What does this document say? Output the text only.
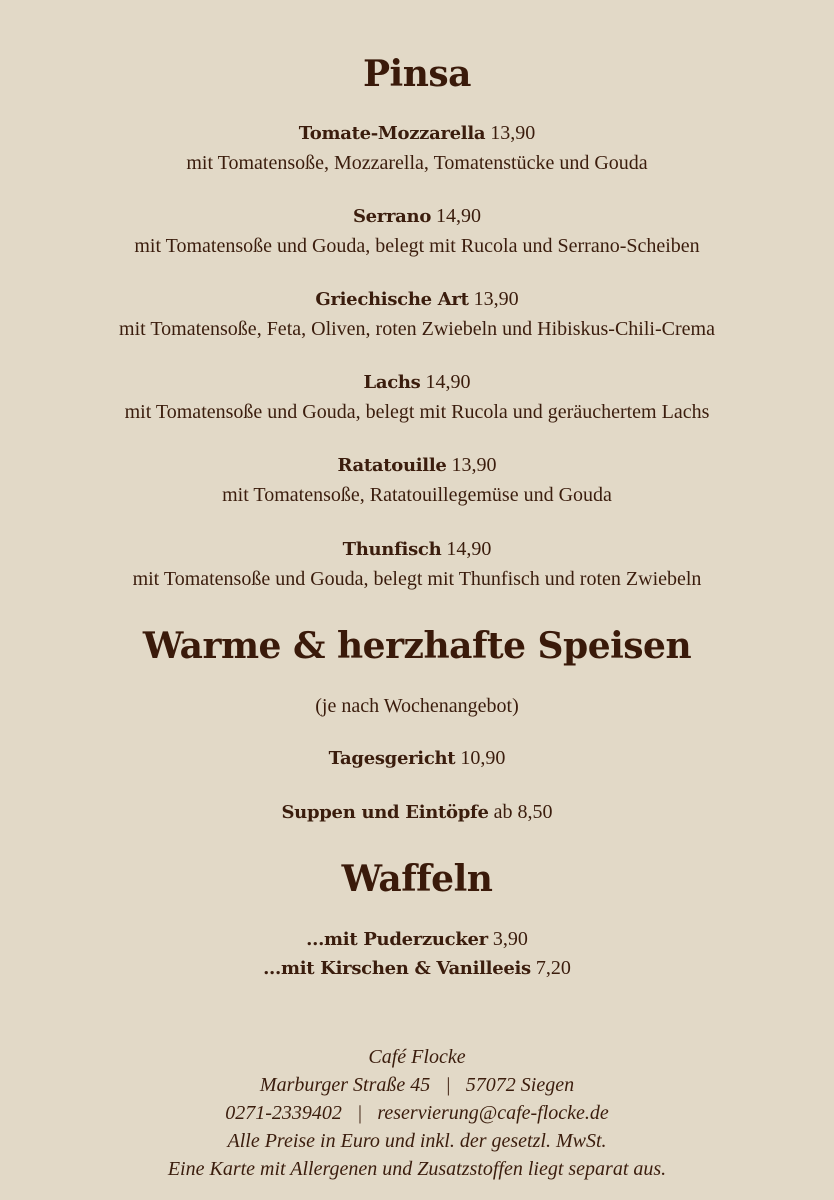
Pinsa
Tomate-Mozzarella 13,90
mit Tomatensoße, Mozzarella, Tomatenstücke und Gouda
Serrano 14,90
mit Tomatensoße und Gouda, belegt mit Rucola und Serrano-Scheiben
Griechische Art 13,90
mit Tomatensoße, Feta, Oliven, roten Zwiebeln und Hibiskus-Chili-Crema
Lachs 14,90
mit Tomatensoße und Gouda, belegt mit Rucola und geräuchertem Lachs
Ratatouille 13,90
mit Tomatensoße, Ratatouillegemüse und Gouda
Thunfisch 14,90
mit Tomatensoße und Gouda, belegt mit Thunfisch und roten Zwiebeln
Warme & herzhafte Speisen
(je nach Wochenangebot)
Tagesgericht 10,90
Suppen und Eintöpfe ab 8,50
Waffeln
...mit Puderzucker 3,90
...mit Kirschen & Vanilleeis 7,20
Café Flocke
Marburger Straße 45   |   57072 Siegen
0271-2339402   |   reservierung@cafe-flocke.de
Alle Preise in Euro und inkl. der gesetzl. MwSt.
Eine Karte mit Allergenen und Zusatzstoffen liegt separat aus.
